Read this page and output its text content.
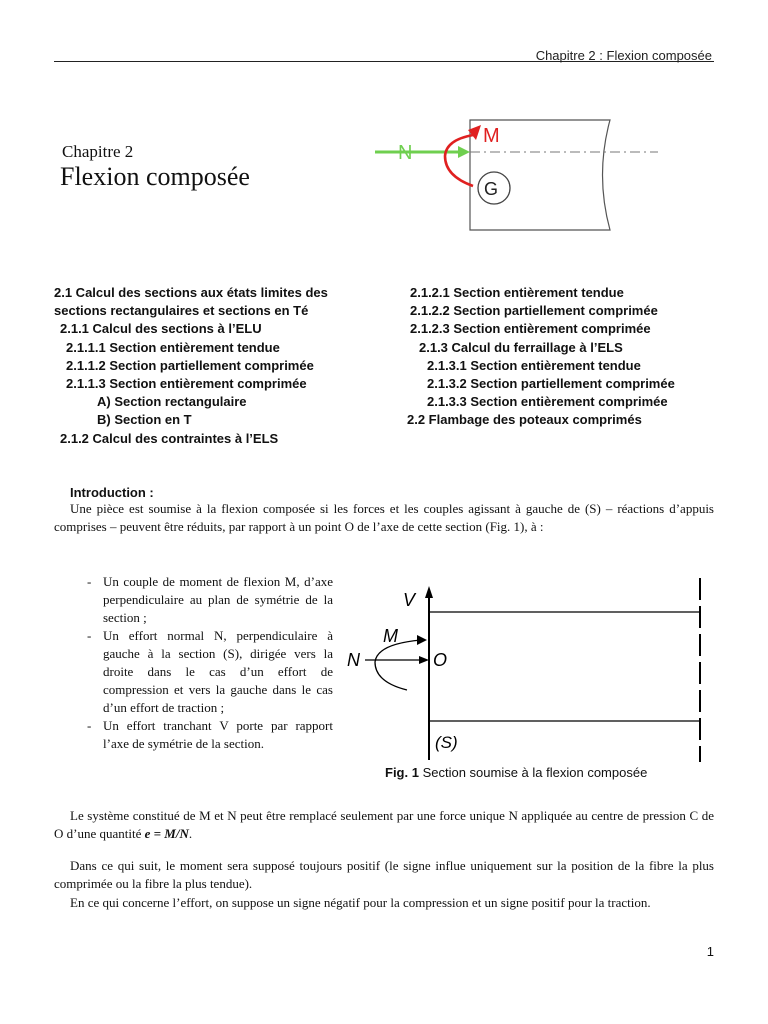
Chapitre 2 : Flexion composée
Chapitre 2
Flexion composée
N
M
G
2.1 Calcul des sections aux états limites des
sections rectangulaires et sections en Té
2.1.1 Calcul des sections à l’ELU
2.1.1.1 Section entièrement tendue
2.1.1.2 Section partiellement comprimée
2.1.1.3 Section entièrement comprimée
A) Section rectangulaire
B) Section en T
2.1.2 Calcul des contraintes à l’ELS
2.1.2.1 Section entièrement tendue
2.1.2.2 Section partiellement comprimée
2.1.2.3 Section entièrement comprimée
2.1.3 Calcul du ferraillage à l’ELS
2.1.3.1 Section entièrement tendue
2.1.3.2 Section partiellement comprimée
2.1.3.3 Section entièrement comprimée
2.2 Flambage des poteaux comprimés
Introduction :
Une pièce est soumise à la flexion composée si les forces et les couples agissant à gauche de (S) – réactions d’appuis comprises – peuvent être réduits, par rapport à un point O de l’axe de cette section (Fig. 1), à :

- Un couple de moment de flexion M, d’axe perpendiculaire au plan de symétrie de la section ;

- Un effort normal N, perpendiculaire à gauche à la section (S), dirigée vers la droite dans le cas d’un effort de compression et vers la gauche dans le cas d’un effort de traction ;

- Un effort tranchant V porte par rapport l’axe de symétrie de la section.

V
N
M
O
(S)
Fig. 1 Section soumise à la flexion composée
Le système constitué de M et N peut être remplacé seulement par une force unique N appliquée au centre de pression C de O d’une quantité e = M/N.
Dans ce qui suit, le moment sera supposé toujours positif (le signe influe uniquement sur la position de la fibre la plus comprimée ou la fibre la plus tendue).
En ce qui concerne l’effort, on suppose un signe négatif pour la compression et un signe positif pour la traction.
1
